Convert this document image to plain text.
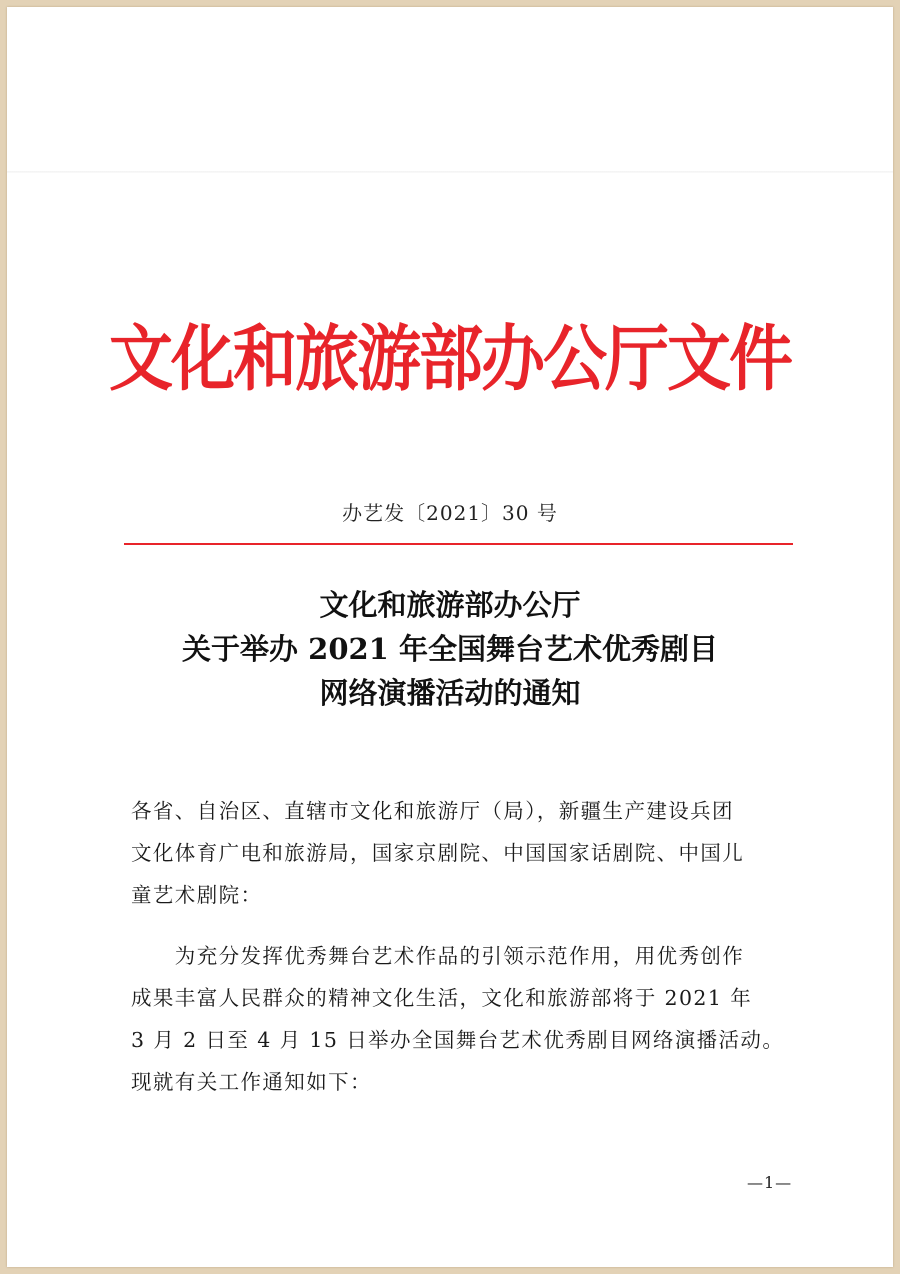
文化和旅游部办公厅文件
办艺发〔2021〕30 号
文化和旅游部办公厅
关于举办 2021 年全国舞台艺术优秀剧目
网络演播活动的通知
各省、自治区、直辖市文化和旅游厅（局），新疆生产建设兵团
文化体育广电和旅游局，国家京剧院、中国国家话剧院、中国儿
童艺术剧院：
　　为充分发挥优秀舞台艺术作品的引领示范作用，用优秀创作
成果丰富人民群众的精神文化生活，文化和旅游部将于 2021 年
3 月 2 日至 4 月 15 日举办全国舞台艺术优秀剧目网络演播活动。
现就有关工作通知如下：
—1—
